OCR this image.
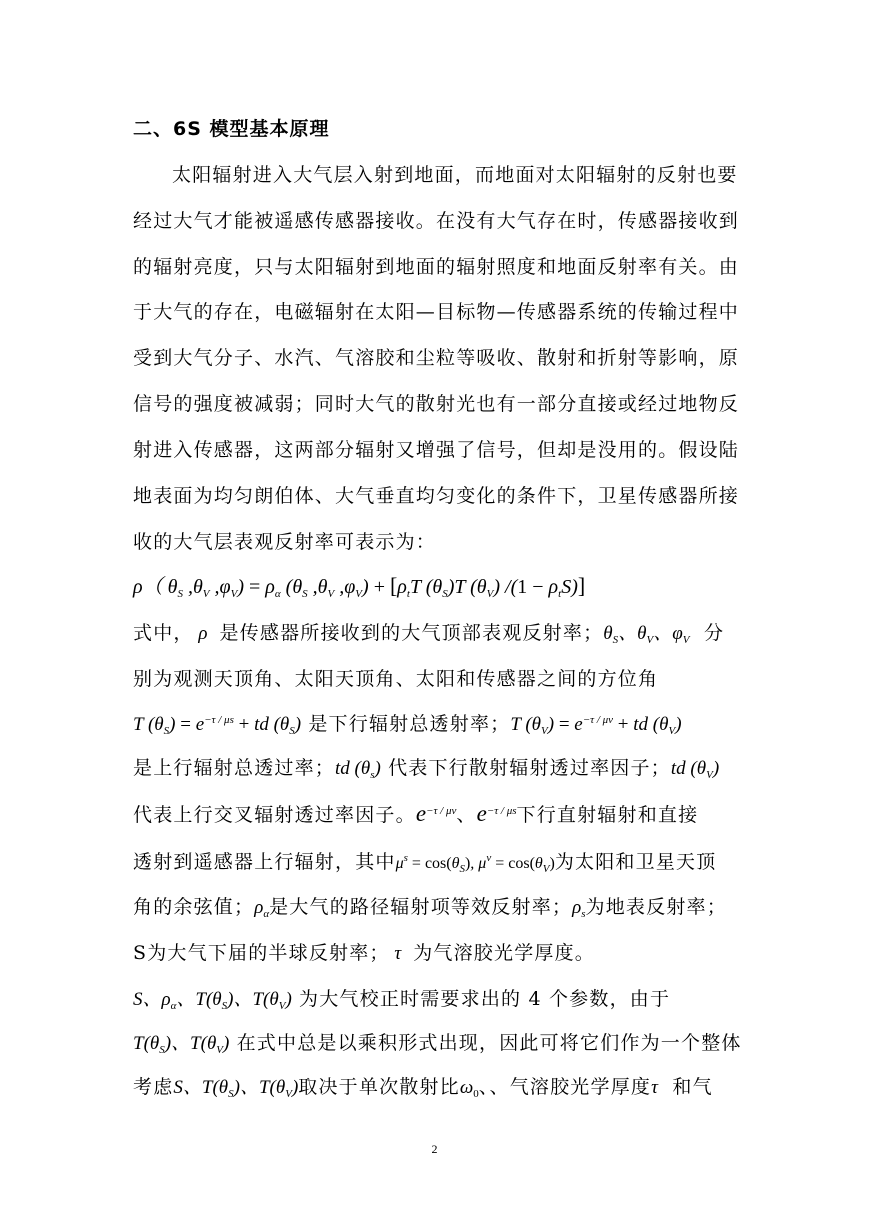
二、6S 模型基本原理
太阳辐射进入大气层入射到地面，而地面对太阳辐射的反射也要
经过大气才能被遥感传感器接收。在没有大气存在时，传感器接收到
的辐射亮度，只与太阳辐射到地面的辐射照度和地面反射率有关。由
于大气的存在，电磁辐射在太阳—目标物—传感器系统的传输过程中
受到大气分子、水汽、气溶胶和尘粒等吸收、散射和折射等影响，原
信号的强度被减弱；同时大气的散射光也有一部分直接或经过地物反
射进入传感器，这两部分辐射又增强了信号，但却是没用的。假设陆
地表面为均匀朗伯体、大气垂直均匀变化的条件下，卫星传感器所接
收的大气层表观反射率可表示为：
ρ（ $\theta_S$ $,\theta_V$ $,\varphi_V) = \rho_\alpha$ ($\theta_S$ $,\theta_V$ $,\varphi_V) + [\rho_tT$ $(\theta_S)T$ $(\theta_V) /(1 - \rho_tS)$]
式中， ρ  是传感器所接收到的大气顶部表观反射率；$\theta_S$、$\theta_V$、$\varphi_V$ 分
别为观测天顶角、太阳天顶角、太阳和传感器之间的方位角
T $(\theta_S) = e^{-\tau / \mu s}$ + td $(\theta_S)$ 是下行辐射总透射率；T $(\theta_V) = e^{-\tau / \mu v}$ + td $(\theta_V)$
是上行辐射总透过率；td $(\theta_s)$ 代表下行散射辐射透过率因子；td $(\theta_V)$
代表上行交叉辐射透过率因子。$e^{-\tau / \mu\nu}$、$e^{-\tau / \mu s}$下行直射辐射和直接
透射到遥感器上行辐射，其中$\mu^s = \cos(\theta_S)$, $\mu^v = \cos(\theta_V)$为太阳和卫星天顶
角的余弦值；$\rho_\alpha$是大气的路径辐射项等效反射率；$\rho_s$为地表反射率；
S为大气下届的半球反射率； τ  为气溶胶光学厚度。
S、$\rho_\alpha$、$T(\theta_S)$、$T(\theta_V)$ 为大气校正时需要求出的 4 个参数，由于
$T(\theta_S)$、$T(\theta_V)$ 在式中总是以乘积形式出现，因此可将它们作为一个整体
考虑S、$T(\theta_S)$、$T(\theta_V)$取决于单次散射比$\omega_0$、、气溶胶光学厚度τ 和气
2
